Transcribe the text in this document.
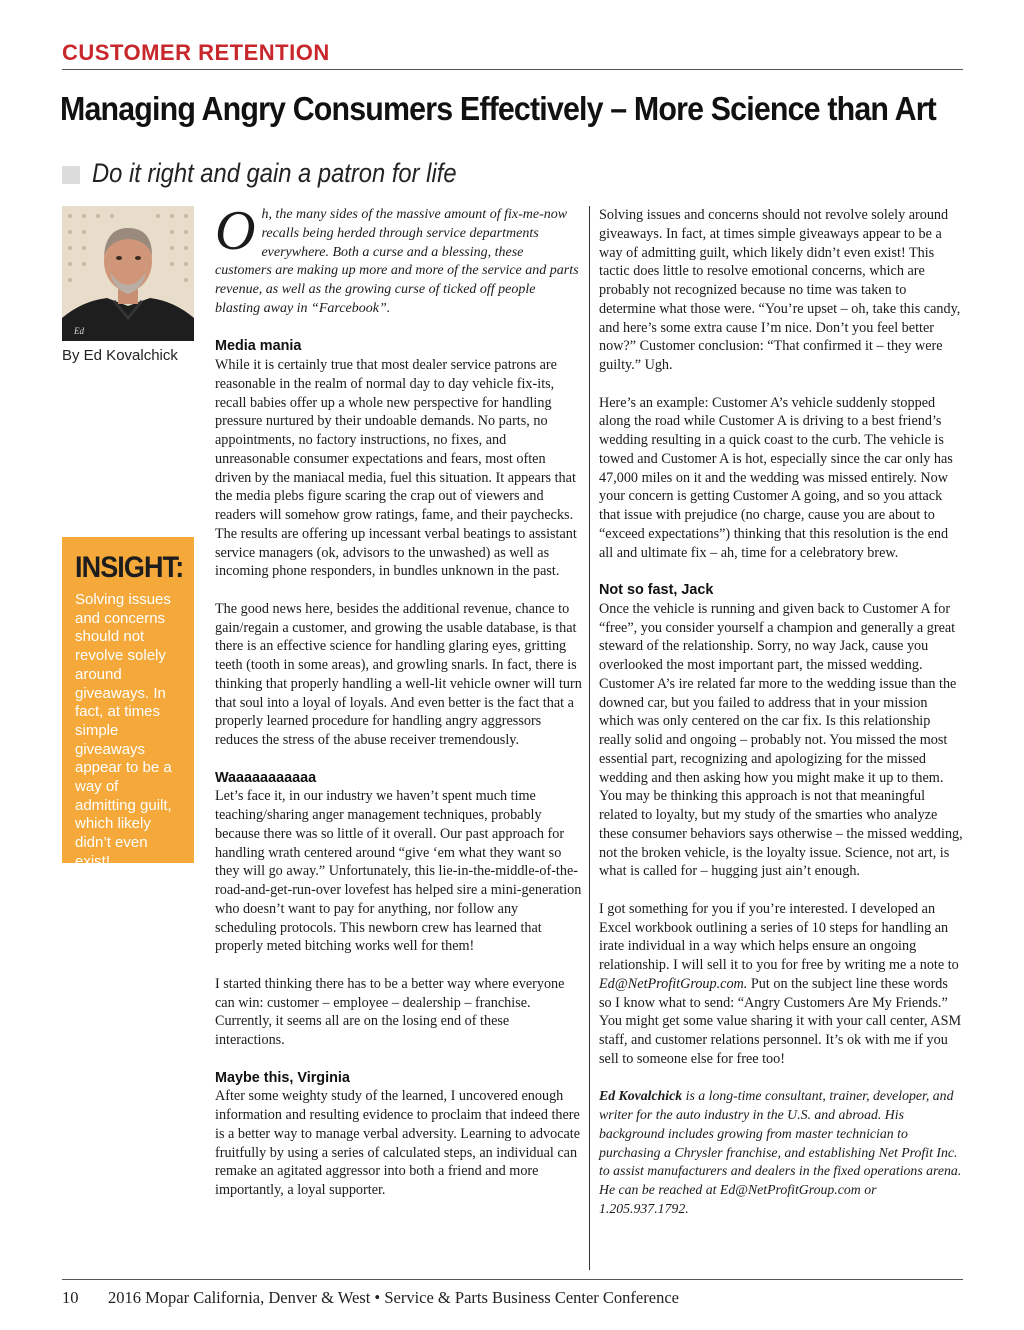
CUSTOMER RETENTION
Managing Angry Consumers Effectively – More Science than Art
Do it right and gain a patron for life
Ed
By Ed Kovalchick
INSIGHT:
Solving issues and concerns should not revolve solely around giveaways. In fact, at times simple giveaways appear to be a way of admitting guilt, which likely didn’t even exist!

Oh, the many sides of the massive amount of fix-me-now recalls being herded through service departments everywhere. Both a curse and a blessing, these customers are making up more and more of the service and parts revenue, as well as the growing curse of ticked off people blasting away in “Farcebook”.

Media mania

While it is certainly true that most dealer service patrons are reasonable in the realm of normal day to day vehicle fix-its, recall babies offer up a whole new perspective for handling pressure nurtured by their undoable demands. No parts, no appointments, no factory instructions, no fixes, and unreasonable consumer expectations and fears, most often driven by the maniacal media, fuel this situation. It appears that the media plebs figure scaring the crap out of viewers and readers will somehow grow ratings, fame, and their paychecks. The results are offering up incessant verbal beatings to assistant service managers (ok, advisors to the unwashed) as well as incoming phone responders, in bundles unknown in the past.

The good news here, besides the additional revenue, chance to gain/regain a customer, and growing the usable database, is that there is an effective science for handling glaring eyes, gritting teeth (tooth in some areas), and growling snarls. In fact, there is thinking that properly handling a well-lit vehicle owner will turn that soul into a loyal of loyals. And even better is the fact that a properly learned procedure for handling angry aggressors reduces the stress of the abuse receiver tremendously.

Waaaaaaaaaaa

Let’s face it, in our industry we haven’t spent much time teaching/sharing anger management techniques, probably because there was so little of it overall. Our past approach for handling wrath centered around “give ‘em what they want so they will go away.” Unfortunately, this lie-in-the-middle-of-the-road-and-get-run-over lovefest has helped sire a mini-generation who doesn’t want to pay for anything, nor follow any scheduling protocols. This newborn crew has learned that properly meted bitching works well for them!

I started thinking there has to be a better way where everyone can win: customer – employee – dealership – franchise. Currently, it seems all are on the losing end of these interactions.

Maybe this, Virginia

After some weighty study of the learned, I uncovered enough information and resulting evidence to proclaim that indeed there is a better way to manage verbal adversity. Learning to advocate fruitfully by using a series of calculated steps, an individual can remake an agitated aggressor into both a friend and more importantly, a loyal supporter.

Solving issues and concerns should not revolve solely around giveaways. In fact, at times simple giveaways appear to be a way of admitting guilt, which likely didn’t even exist! This tactic does little to resolve emotional concerns, which are probably not recognized because no time was taken to determine what those were. “You’re upset – oh, take this candy, and here’s some extra cause I’m nice. Don’t you feel better now?” Customer conclusion: “That confirmed it – they were guilty.” Ugh.

Here’s an example: Customer A’s vehicle suddenly stopped along the road while Customer A is driving to a best friend’s wedding resulting in a quick coast to the curb. The vehicle is towed and Customer A is hot, especially since the car only has 47,000 miles on it and the wedding was missed entirely. Now your concern is getting Customer A going, and so you attack that issue with prejudice (no charge, cause you are about to “exceed expectations”) thinking that this resolution is the end all and ultimate fix – ah, time for a celebratory brew.

Not so fast, Jack

Once the vehicle is running and given back to Customer A for “free”, you consider yourself a champion and generally a great steward of the relationship. Sorry, no way Jack, cause you overlooked the most important part, the missed wedding. Customer A’s ire related far more to the wedding issue than the downed car, but you failed to address that in your mission which was only centered on the car fix. Is this relationship really solid and ongoing – probably not. You missed the most essential part, recognizing and apologizing for the missed wedding and then asking how you might make it up to them. You may be thinking this approach is not that meaningful related to loyalty, but my study of the smarties who analyze these consumer behaviors says otherwise – the missed wedding, not the broken vehicle, is the loyalty issue. Science, not art, is what is called for – hugging just ain’t enough.

I got something for you if you’re interested. I developed an Excel workbook outlining a series of 10 steps for handling an irate individual in a way which helps ensure an ongoing relationship. I will sell it to you for free by writing me a note to Ed@NetProfitGroup.com. Put on the subject line these words so I know what to send: “Angry Customers Are My Friends.” You might get some value sharing it with your call center, ASM staff, and customer relations personnel. It’s ok with me if you sell to someone else for free too!

Ed Kovalchick is a long-time consultant, trainer, developer, and writer for the auto industry in the U.S. and abroad. His background includes growing from master technician to purchasing a Chrysler franchise, and establishing Net Profit Inc. to assist manufacturers and dealers in the fixed operations arena. He can be reached at Ed@NetProfitGroup.com or 1.205.937.1792.

10 2016 Mopar California, Denver & West • Service & Parts Business Center Conference
